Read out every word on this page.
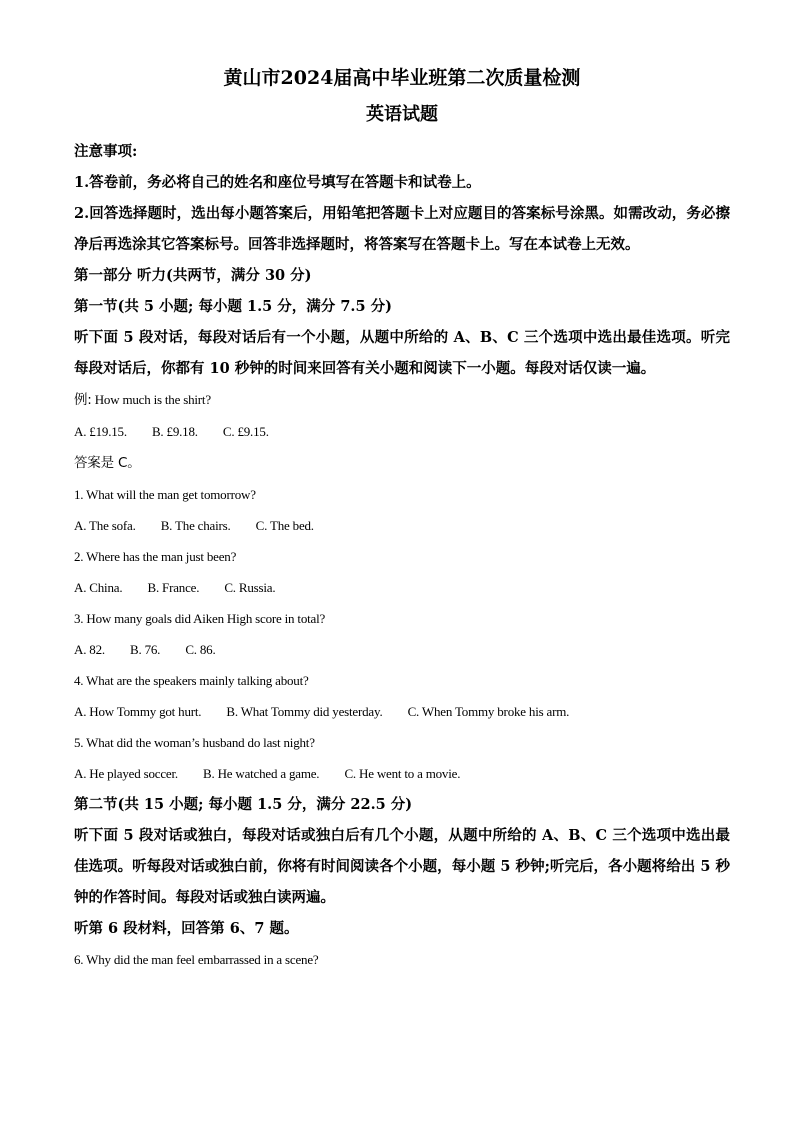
黄山市2024届高中毕业班第二次质量检测
英语试题

注意事项:

1.答卷前，务必将自己的姓名和座位号填写在答题卡和试卷上。

2.回答选择题时，选出每小题答案后，用铅笔把答题卡上对应题目的答案标号涂黑。如需改动，务必擦净后再选涂其它答案标号。回答非选择题时，将答案写在答题卡上。写在本试卷上无效。

第一部分 听力(共两节，满分 30 分)

第一节(共 5 小题; 每小题 1.5 分，满分 7.5 分)

听下面 5 段对话，每段对话后有一个小题，从题中所给的 A、B、C 三个选项中选出最佳选项。听完每段对话后，你都有 10 秒钟的时间来回答有关小题和阅读下一小题。每段对话仅读一遍。

例: How much is the shirt?

A. £19.15. B. £9.18. C. £9.15.

答案是 C。

1. What will the man get tomorrow?

A. The sofa. B. The chairs. C. The bed.

2. Where has the man just been?

A. China. B. France. C. Russia.

3. How many goals did Aiken High score in total?

A. 82. B. 76. C. 86.

4. What are the speakers mainly talking about?

A. How Tommy got hurt. B. What Tommy did yesterday. C. When Tommy broke his arm.

5. What did the woman’s husband do last night?

A. He played soccer. B. He watched a game. C. He went to a movie.

第二节(共 15 小题; 每小题 1.5 分，满分 22.5 分)

听下面 5 段对话或独白，每段对话或独白后有几个小题，从题中所给的 A、B、C 三个选项中选出最佳选项。听每段对话或独白前，你将有时间阅读各个小题，每小题 5 秒钟;听完后，各小题将给出 5 秒钟的作答时间。每段对话或独白读两遍。

听第 6 段材料，回答第 6、7 题。

6. Why did the man feel embarrassed in a scene?
